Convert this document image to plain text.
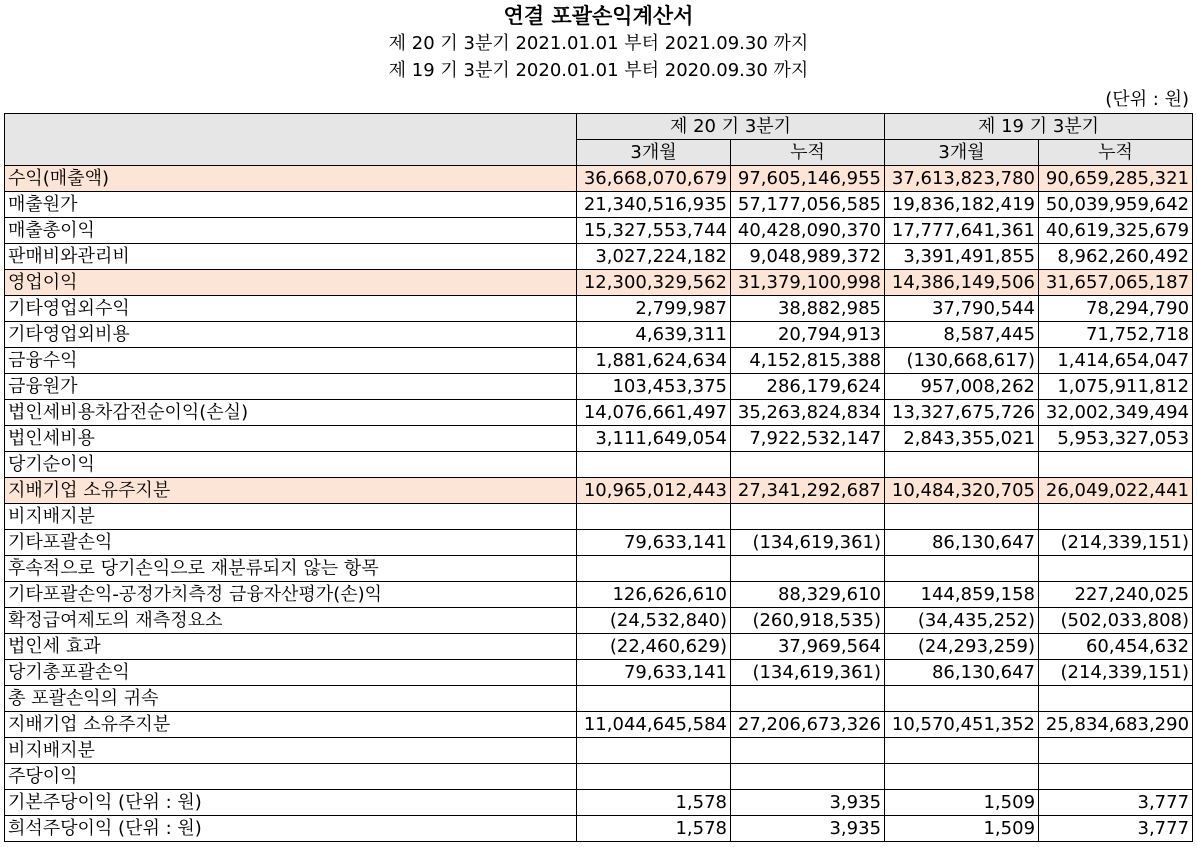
연결 포괄손익계산서
제 20 기 3분기 2021.01.01 부터 2021.09.30 까지
제 19 기 3분기 2020.01.01 부터 2020.09.30 까지
(단위 : 원)
	제 20 기 3분기		제 19 기 3분기	
	3개월	누적	3개월	누적
수익(매출액)	36,668,070,679	97,605,146,955	37,613,823,780	90,659,285,321
매출원가	21,340,516,935	57,177,056,585	19,836,182,419	50,039,959,642
매출총이익	15,327,553,744	40,428,090,370	17,777,641,361	40,619,325,679
판매비와관리비	3,027,224,182	9,048,989,372	3,391,491,855	8,962,260,492
영업이익	12,300,329,562	31,379,100,998	14,386,149,506	31,657,065,187
기타영업외수익	2,799,987	38,882,985	37,790,544	78,294,790
기타영업외비용	4,639,311	20,794,913	8,587,445	71,752,718
금융수익	1,881,624,634	4,152,815,388	(130,668,617)	1,414,654,047
금융원가	103,453,375	286,179,624	957,008,262	1,075,911,812
법인세비용차감전순이익(손실)	14,076,661,497	35,263,824,834	13,327,675,726	32,002,349,494
법인세비용	3,111,649,054	7,922,532,147	2,843,355,021	5,953,327,053
당기순이익				
지배기업 소유주지분	10,965,012,443	27,341,292,687	10,484,320,705	26,049,022,441
비지배지분				
기타포괄손익	79,633,141	(134,619,361)	86,130,647	(214,339,151)
후속적으로 당기손익으로 재분류되지 않는 항목				
기타포괄손익-공정가치측정 금융자산평가(손)익	126,626,610	88,329,610	144,859,158	227,240,025
확정급여제도의 재측정요소	(24,532,840)	(260,918,535)	(34,435,252)	(502,033,808)
법인세 효과	(22,460,629)	37,969,564	(24,293,259)	60,454,632
당기총포괄손익	79,633,141	(134,619,361)	86,130,647	(214,339,151)
총 포괄손익의 귀속				
지배기업 소유주지분	11,044,645,584	27,206,673,326	10,570,451,352	25,834,683,290
비지배지분				
주당이익				
기본주당이익 (단위 : 원)	1,578	3,935	1,509	3,777
희석주당이익 (단위 : 원)	1,578	3,935	1,509	3,777
